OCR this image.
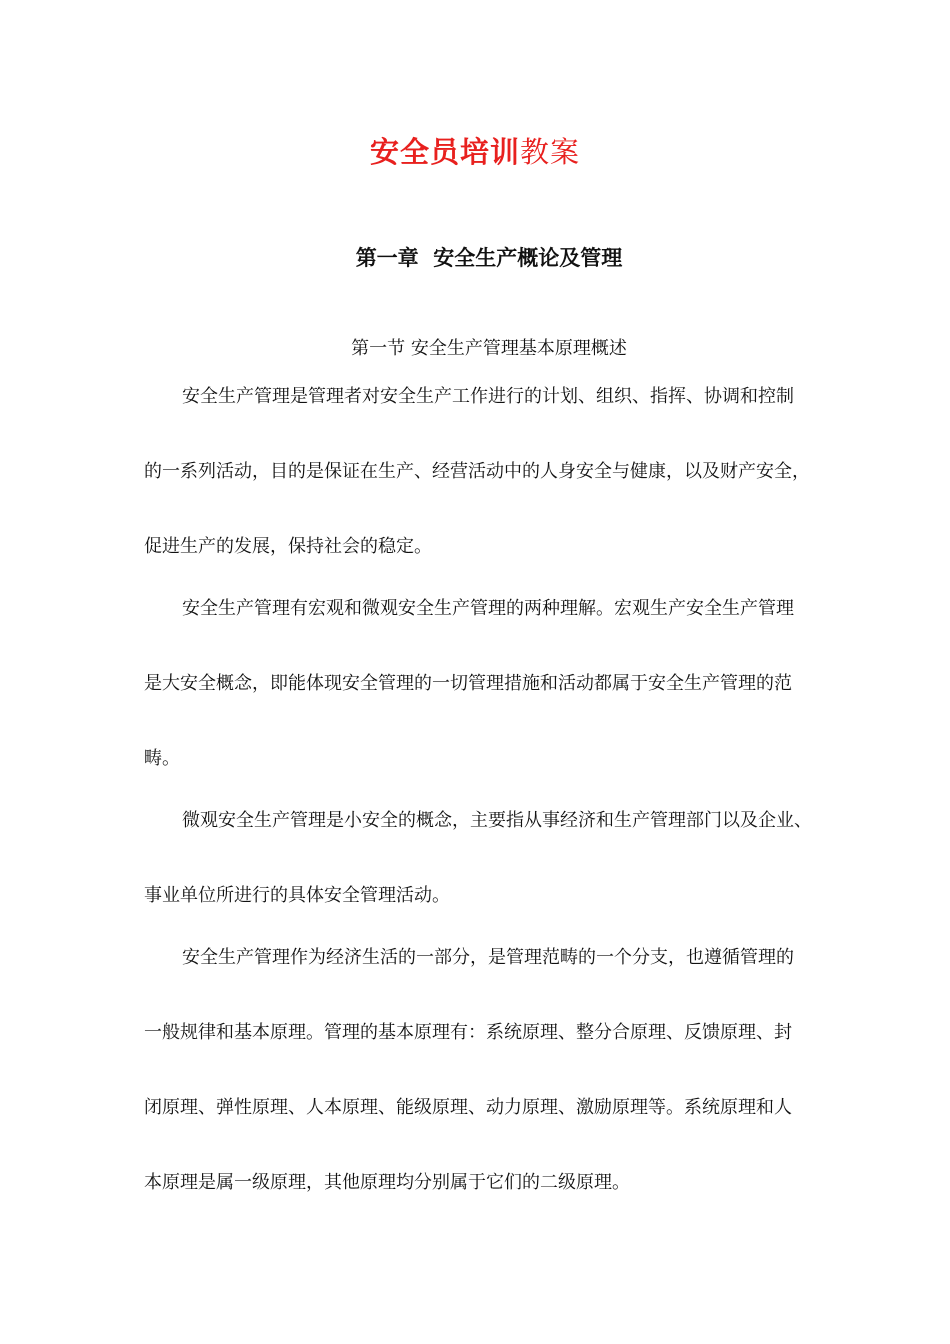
安全员培训教案
第一章  安全生产概论及管理
第一节 安全生产管理基本原理概述
安全生产管理是管理者对安全生产工作进行的计划、组织、指挥、协调和控制
的一系列活动，目的是保证在生产、经营活动中的人身安全与健康，以及财产安全，
促进生产的发展，保持社会的稳定。
安全生产管理有宏观和微观安全生产管理的两种理解。宏观生产安全生产管理
是大安全概念，即能体现安全管理的一切管理措施和活动都属于安全生产管理的范
畴。
微观安全生产管理是小安全的概念，主要指从事经济和生产管理部门以及企业、
事业单位所进行的具体安全管理活动。
安全生产管理作为经济生活的一部分，是管理范畴的一个分支，也遵循管理的
一般规律和基本原理。管理的基本原理有：系统原理、整分合原理、反馈原理、封
闭原理、弹性原理、人本原理、能级原理、动力原理、激励原理等。系统原理和人
本原理是属一级原理，其他原理均分别属于它们的二级原理。
